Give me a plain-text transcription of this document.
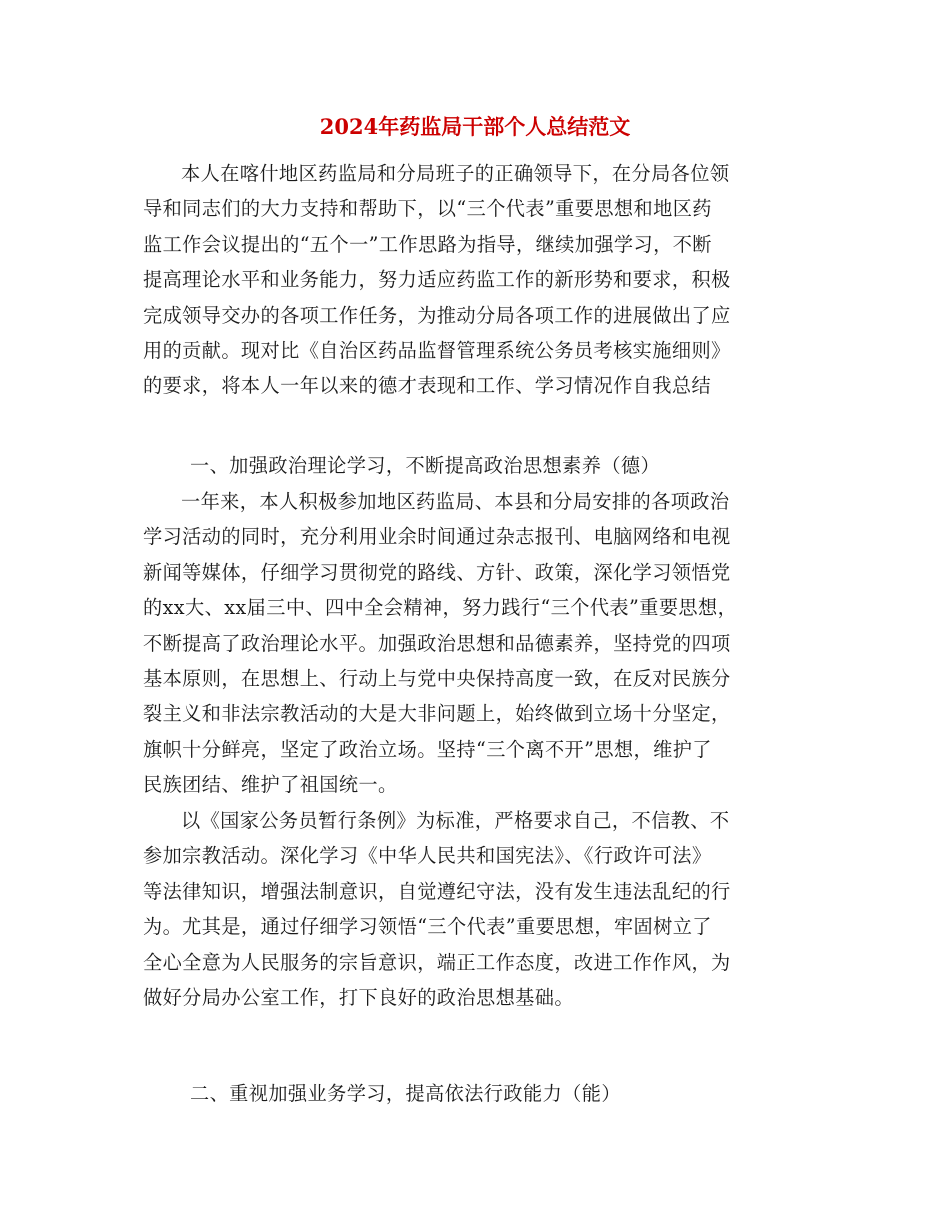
2024年药监局干部个人总结范文
本人在喀什地区药监局和分局班子的正确领导下，在分局各位领
导和同志们的大力支持和帮助下，以“三个代表”重要思想和地区药
监工作会议提出的“五个一”工作思路为指导，继续加强学习，不断
提高理论水平和业务能力，努力适应药监工作的新形势和要求，积极
完成领导交办的各项工作任务，为推动分局各项工作的进展做出了应
用的贡献。现对比《自治区药品监督管理系统公务员考核实施细则》
的要求，将本人一年以来的德才表现和工作、学习情况作自我总结
一、加强政治理论学习，不断提高政治思想素养（德）
一年来，本人积极参加地区药监局、本县和分局安排的各项政治
学习活动的同时，充分利用业余时间通过杂志报刊、电脑网络和电视
新闻等媒体，仔细学习贯彻党的路线、方针、政策，深化学习领悟党
的xx大、xx届三中、四中全会精神，努力践行“三个代表”重要思想，
不断提高了政治理论水平。加强政治思想和品德素养，坚持党的四项
基本原则，在思想上、行动上与党中央保持高度一致，在反对民族分
裂主义和非法宗教活动的大是大非问题上，始终做到立场十分坚定，
旗帜十分鲜亮，坚定了政治立场。坚持“三个离不开”思想，维护了
民族团结、维护了祖国统一。
以《国家公务员暂行条例》为标准，严格要求自己，不信教、不
参加宗教活动。深化学习《中华人民共和国宪法》、《行政许可法》
等法律知识，增强法制意识，自觉遵纪守法，没有发生违法乱纪的行
为。尤其是，通过仔细学习领悟“三个代表”重要思想，牢固树立了
全心全意为人民服务的宗旨意识，端正工作态度，改进工作作风，为
做好分局办公室工作，打下良好的政治思想基础。
二、重视加强业务学习，提高依法行政能力（能）
